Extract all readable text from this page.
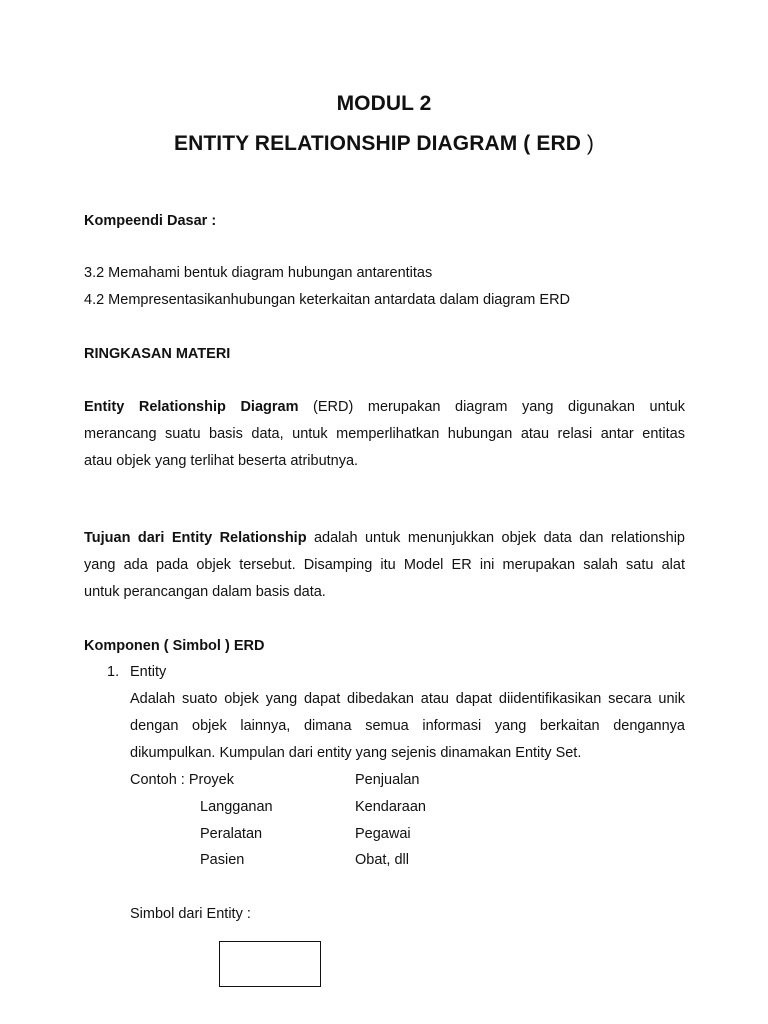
MODUL 2
ENTITY RELATIONSHIP DIAGRAM ( ERD )
Kompeendi Dasar :
3.2 Memahami bentuk diagram hubungan antarentitas
4.2 Mempresentasikanhubungan keterkaitan antardata dalam diagram ERD
RINGKASAN MATERI
Entity Relationship Diagram (ERD) merupakan diagram yang digunakan untuk
merancang suatu basis data, untuk memperlihatkan hubungan atau relasi antar entitas
atau objek yang terlihat beserta atributnya.
Tujuan dari Entity Relationship adalah untuk menunjukkan objek data dan relationship
yang ada pada objek tersebut. Disamping itu Model ER ini merupakan salah satu alat
untuk perancangan dalam basis data.
Komponen ( Simbol ) ERD
1. Entity
Adalah suato objek yang dapat dibedakan atau dapat diidentifikasikan secara unik
dengan objek lainnya, dimana semua informasi yang berkaitan dengannya
dikumpulkan. Kumpulan dari entity yang sejenis dinamakan Entity Set.
Contoh : Proyek
Langganan
Peralatan
Pasien
Penjualan
Kendaraan
Pegawai
Obat, dll
Simbol dari Entity :
